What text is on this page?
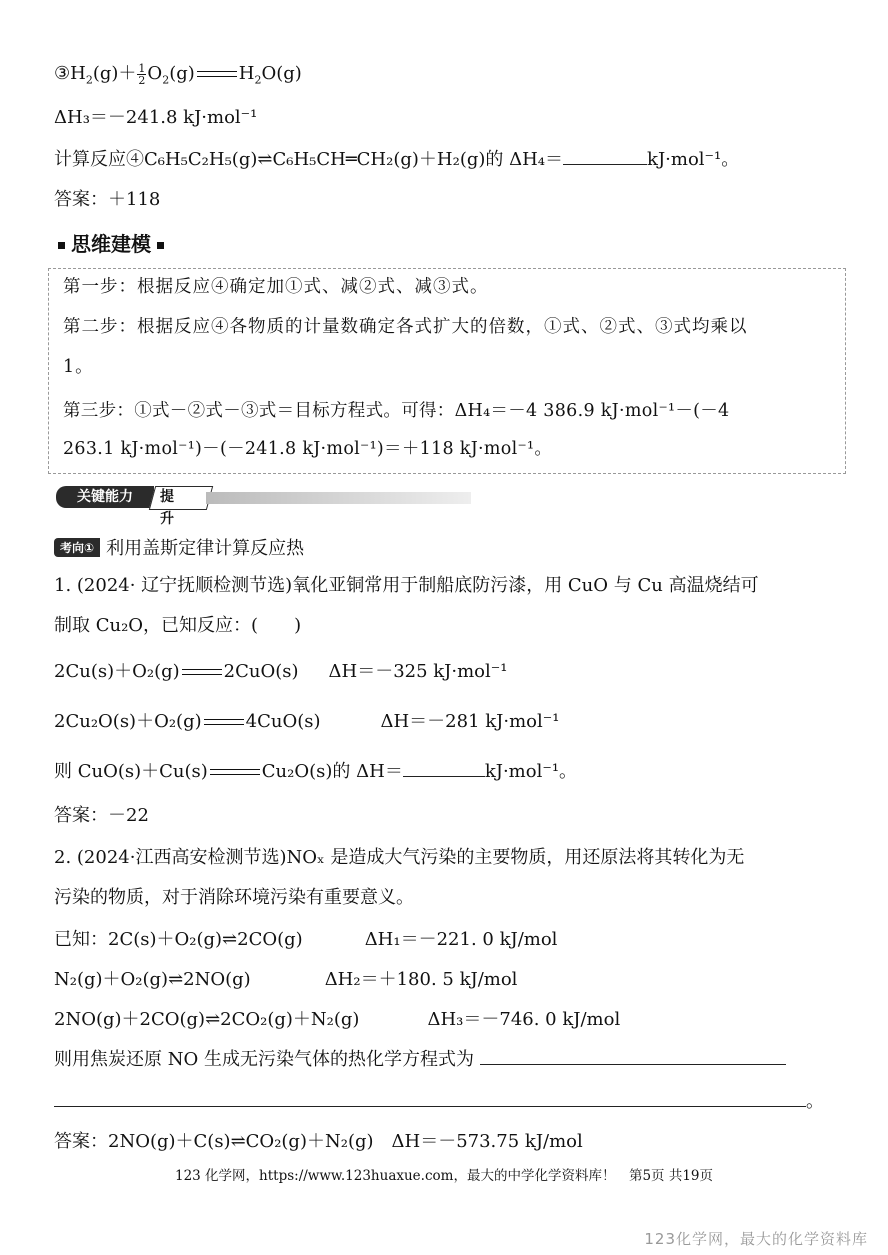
$③H_2(g)+ \frac{1}{2} O_2(g)$ $H_2O(g)$
ΔH₃＝－241.8 kJ·mol⁻¹
计算反应④C₆H₅C₂H₅(g)⇌C₆H₅CH═CH₂(g)＋H₂(g)的 ΔH₄＝	kJ·mol⁻¹。
答案：＋118
思维建模
第一步：根据反应④确定加①式、减②式、减③式。
第二步：根据反应④各物质的计量数确定各式扩大的倍数，①式、②式、③式均乘以
1。
第三步：①式－②式－③式＝目标方程式。可得：ΔH₄＝－4 386.9 kJ·mol⁻¹－(－4
263.1 kJ·mol⁻¹)－(－241.8 kJ·mol⁻¹)＝＋118 kJ·mol⁻¹。
关键能力	提升
考向① 利用盖斯定律计算反应热
1. (2024· 辽宁抚顺检测节选)氧化亚铜常用于制船底防污漆，用 CuO 与 Cu 高温烧结可
制取 Cu₂O，已知反应：(　　)
2Cu(s)＋O₂(g) 2CuO(s) ΔH＝－325 kJ·mol⁻¹
2Cu₂O(s)＋O₂(g) 4CuO(s)	ΔH＝－281 kJ·mol⁻¹
则 CuO(s)＋Cu(s)	Cu₂O(s)的 ΔH＝	kJ·mol⁻¹。
答案：－22
2. (2024·江西高安检测节选)NOₓ 是造成大气污染的主要物质，用还原法将其转化为无
污染的物质，对于消除环境污染有重要意义。
已知：2C(s)＋O₂(g)⇌2CO(g)	ΔH₁＝－221. 0 kJ/mol
N₂(g)＋O₂(g)⇌2NO(g)	ΔH₂＝＋180. 5 kJ/mol
2NO(g)＋2CO(g)⇌2CO₂(g)＋N₂(g)	ΔH₃＝－746. 0 kJ/mol
则用焦炭还原 NO 生成无污染气体的热化学方程式为
。
答案：2NO(g)＋C(s)⇌CO₂(g)＋N₂(g)　ΔH＝－573.75 kJ/mol
123 化学网，https://www.123huaxue.com，最大的中学化学资料库！　第5页 共19页
123化学网，最大的化学资料库
